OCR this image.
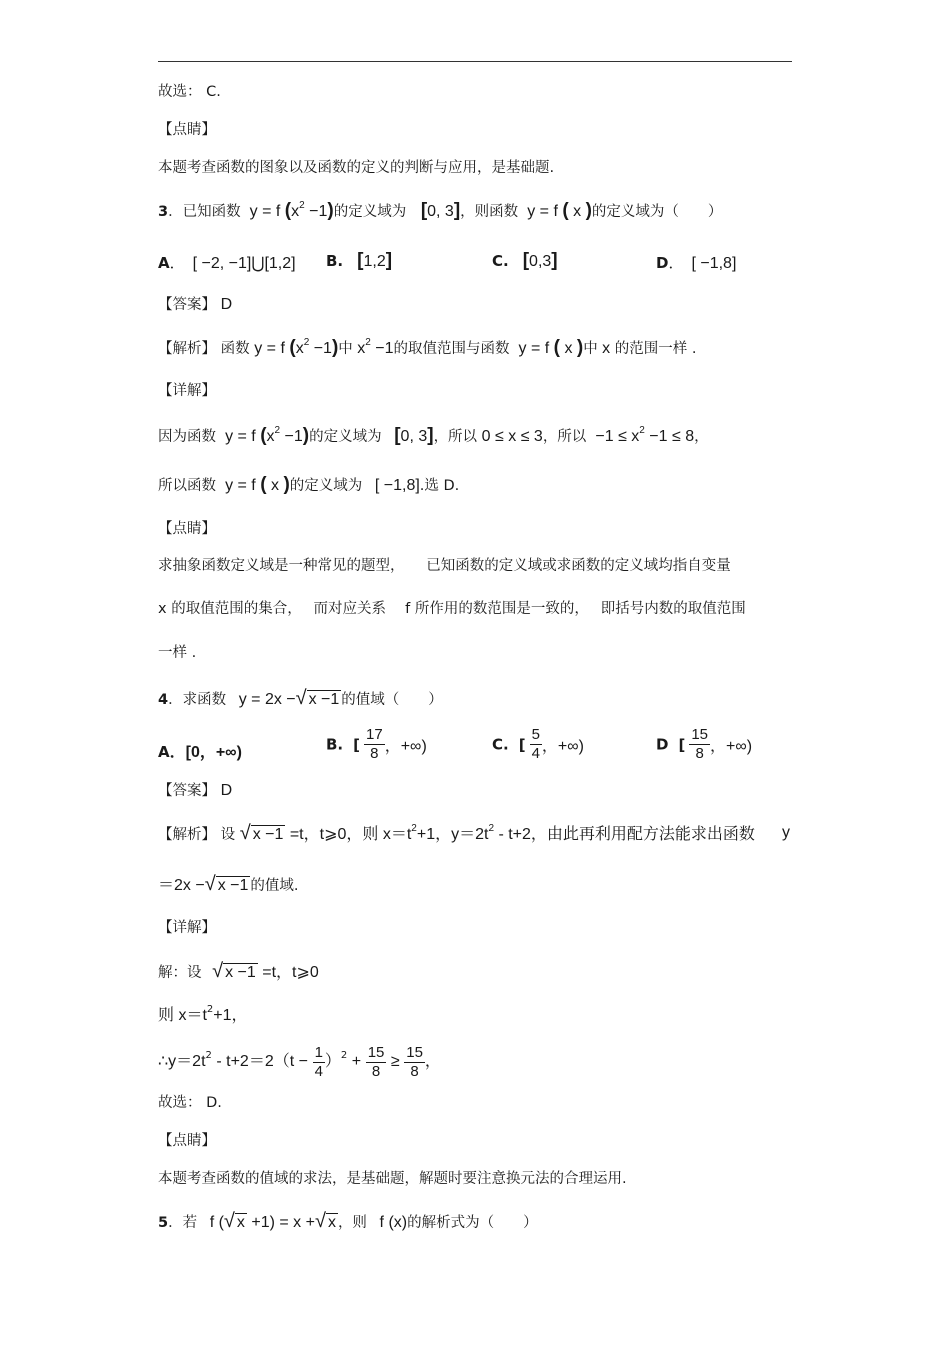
故选： C.
【点睛】
本题考查函数的图象以及函数的定义的判断与应用，是基础题.
3．已知函数 y = f $(x^2 -1)$的定义域为 [0, 3]，则函数 y = f ( x )的定义域为（　　）
A． [ −2, −1]⋃[1,2] B. [1,2]	C. [0,3]	D． [ −1,8]
【答案】 D
【解析】 函数 y = f $(x^2 -1)$中 $x^2 -1$的取值范围与函数 y = f ( x )中 x 的范围一样 .
【详解】
因为函数 y = f $(x^2 -1)$的定义域为 [0, 3]，所以 0 ≤ x ≤ 3，所以 $-1 \le x^2 -1 \le 8$，
所以函数 y = f ( x )的定义域为 [ −1,8].选 D.
【点睛】
求抽象函数定义域是一种常见的题型，　　已知函数的定义域或求函数的定义域均指自变量
x 的取值范围的集合，　 而对应关系　 f 所作用的数范围是一致的，　 即括号内数的取值范围
一样 .
4．求函数 y = 2x −√ x −1 的值域（　　）
A．[0，+∞)	B. [ $\frac{17}{8}$ ，+∞)	C. [ $\frac{5}{4}$ ，+∞)	D [ $\frac{15}{8}$ ，+∞)
【答案】 D
【解析】 设 √ x −1 =t，t⩾0，则 $x=t^2+1$，$y=2t^2 - t+2$，由此再利用配方法能求出函数 y
＝2x −√ x −1 的值域.
【详解】
解：设 √ x −1 =t，t⩾0
则 $x=t^2+1$，
$\therefore y=2t^2 - t+2=2(t - \frac{1}{4} )^2 + \frac{15}{8} \ge \frac{15}{8}$ ，
故选： D.
【点睛】
本题考查函数的值域的求法，是基础题，解题时要注意换元法的合理运用.
5．若 f (√ x +1) = x +√ x ，则 f (x)的解析式为（　　）
